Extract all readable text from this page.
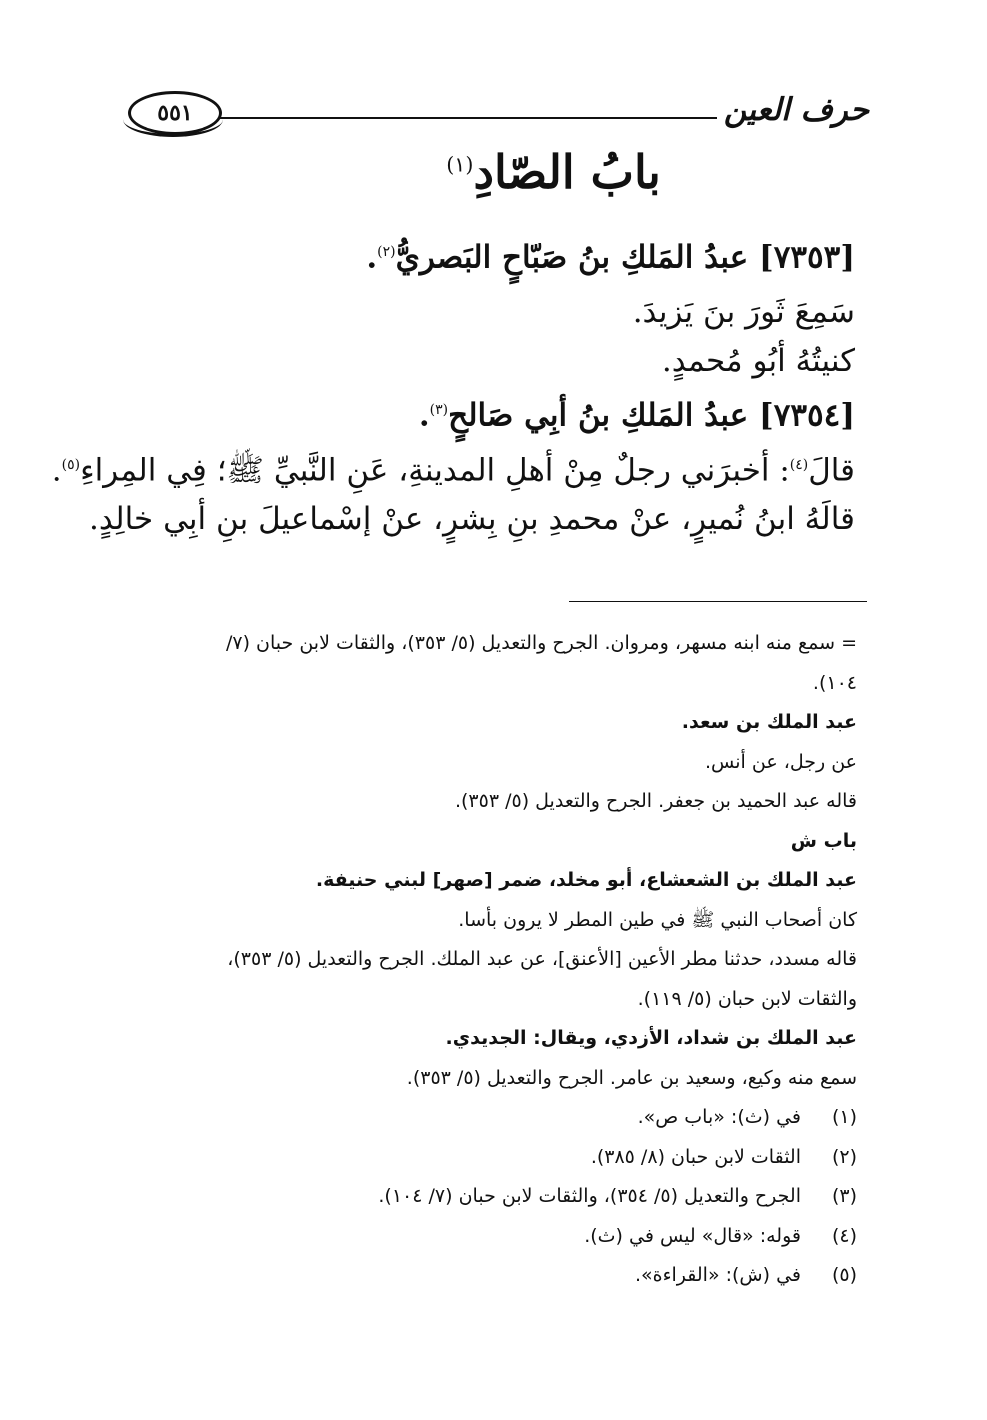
حرف العين
٥٥١
بابُ الصّادِ$^{(١)}$
[٧٣٥٣] عبدُ المَلكِ بنُ صَبّاحٍ البَصريُّ$^{(٢)}$.
سَمِعَ ثَورَ بنَ يَزيدَ.
كنيتُهُ أبُو مُحمدٍ.
[٧٣٥٤] عبدُ المَلكِ بنُ أبِي صَالحٍ$^{(٣)}$.
قالَ$^{(٤)}$: أخبرَني رجلٌ مِنْ أهلِ المدينةِ، عَنِ النَّبيِّ ﷺ؛ فِي المِراءِ$^{(٥)}$.
قالَهُ ابنُ نُميرٍ، عنْ محمدِ بنِ بِشرٍ، عنْ إسْماعيلَ بنِ أبِي خالِدٍ.
= سمع منه ابنه مسهر، ومروان. الجرح والتعديل (٥/ ٣٥٣)، والثقات لابن حبان (٧/
١٠٤).
عبد الملك بن سعد.
عن رجل، عن أنس.
قاله عبد الحميد بن جعفر. الجرح والتعديل (٥/ ٣٥٣).
باب ش
عبد الملك بن الشعشاع، أبو مخلد، ضمر [صهر] لبني حنيفة.
كان أصحاب النبي ﷺ في طين المطر لا يرون بأسا.
قاله مسدد، حدثنا مطر الأعين [الأعنق]، عن عبد الملك. الجرح والتعديل (٥/ ٣٥٣)،
والثقات لابن حبان (٥/ ١١٩).
عبد الملك بن شداد، الأزدي، ويقال: الجديدي.
سمع منه وكيع، وسعيد بن عامر. الجرح والتعديل (٥/ ٣٥٣).
(١)
في (ث): «باب ص».
(٢)
الثقات لابن حبان (٨/ ٣٨٥).
(٣)
الجرح والتعديل (٥/ ٣٥٤)، والثقات لابن حبان (٧/ ١٠٤).
(٤)
قوله: «قال» ليس في (ث).
(٥)
في (ش): «القراءة».
